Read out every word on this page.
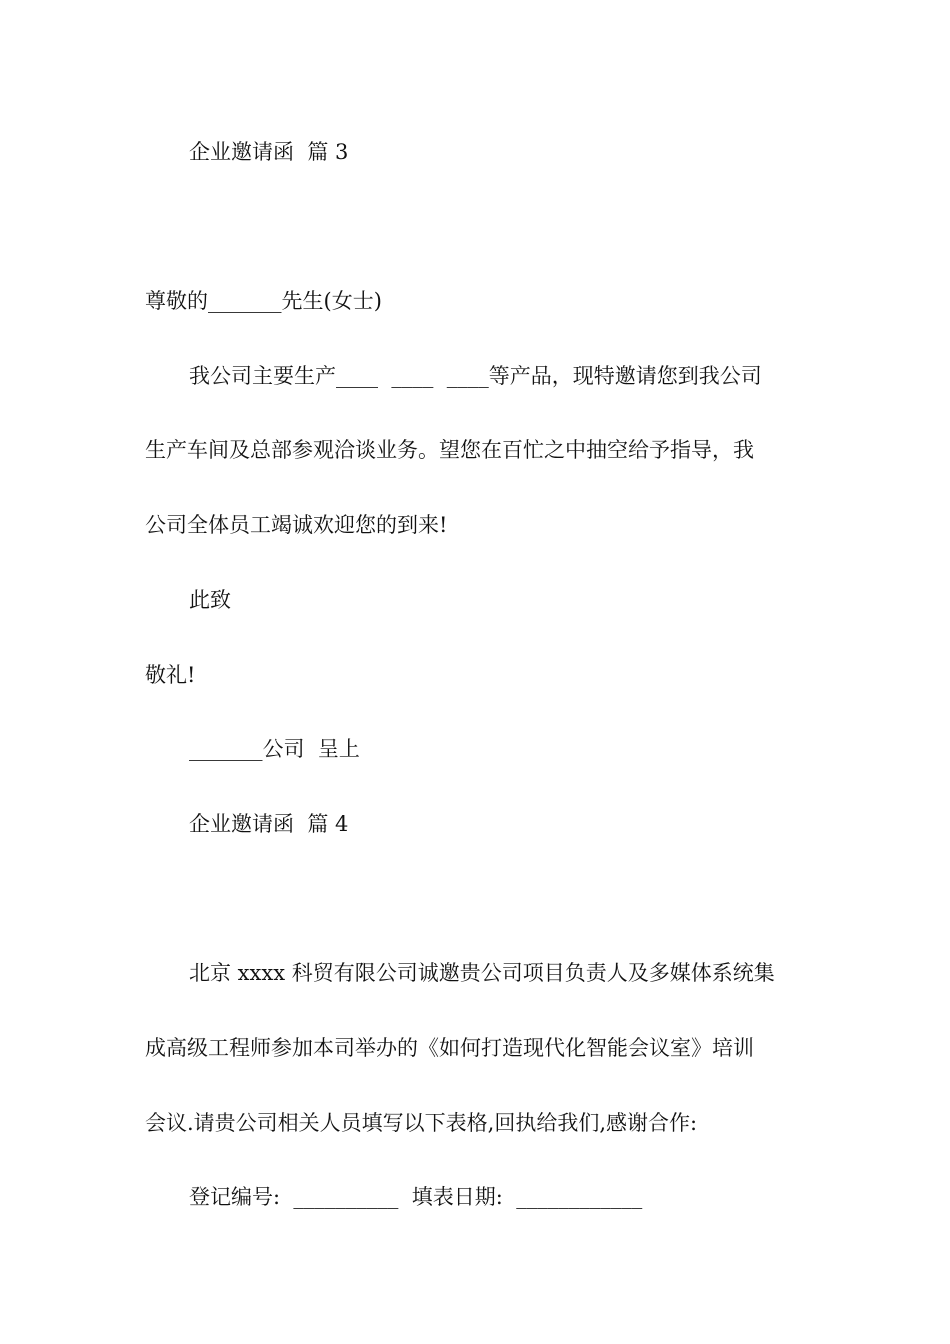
企业邀请函  篇 3

尊敬的_______先生(女士)

我公司主要生产____  ____  ____等产品，现特邀请您到我公司

生产车间及总部参观洽谈业务。望您在百忙之中抽空给予指导，我

公司全体员工竭诚欢迎您的到来!

此致

敬礼!

_______公司  呈上

企业邀请函  篇 4

北京 xxxx 科贸有限公司诚邀贵公司项目负责人及多媒体系统集

成高级工程师参加本司举办的《如何打造现代化智能会议室》培训

会议.请贵公司相关人员填写以下表格,回执给我们,感谢合作:

登记编号:  __________  填表日期:  ____________
